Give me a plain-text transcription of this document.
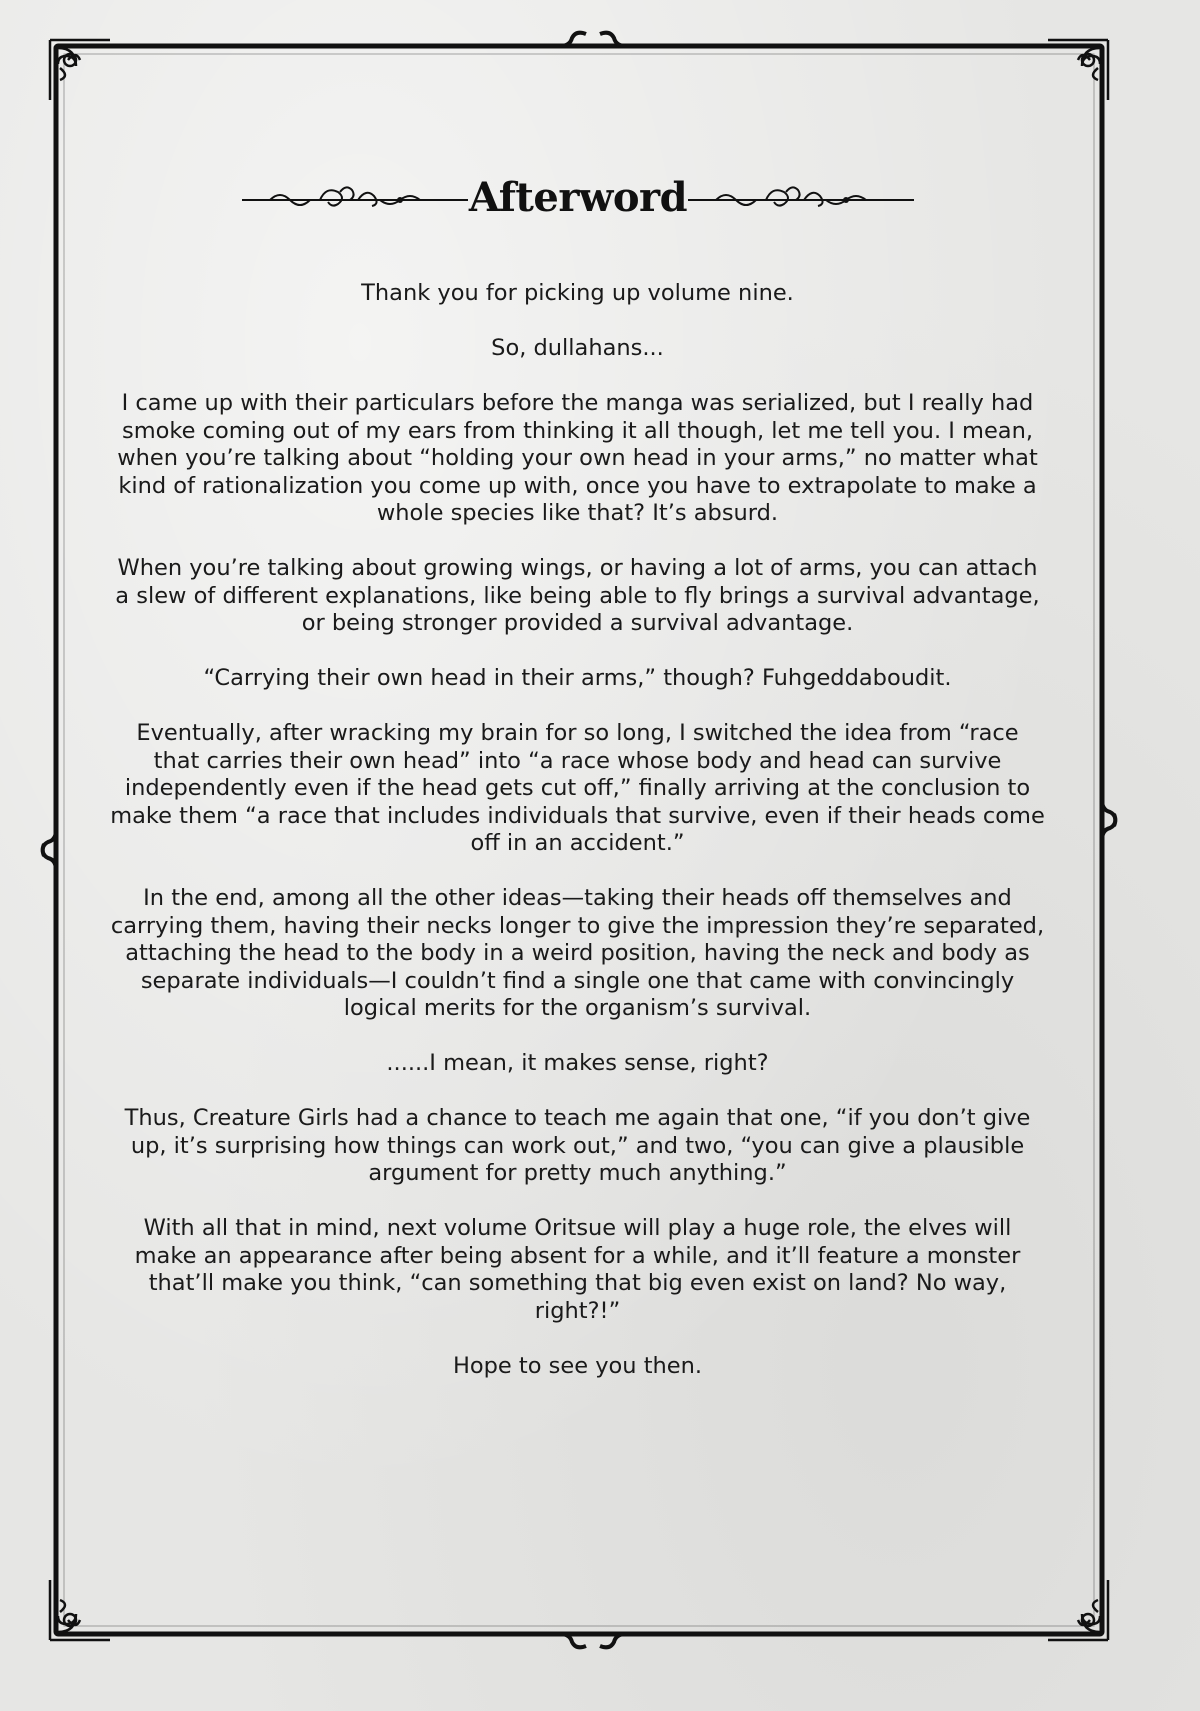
Afterword

Thank you for picking up volume nine.

So, dullahans...

I came up with their particulars before the manga was serialized, but I really had smoke coming out of my ears from thinking it all though, let me tell you. I mean, when you’re talking about “holding your own head in your arms,” no matter what kind of rationalization you come up with, once you have to extrapolate to make a whole species like that? It’s absurd.

When you’re talking about growing wings, or having a lot of arms, you can attach a slew of different explanations, like being able to fly brings a survival advantage, or being stronger provided a survival advantage.

“Carrying their own head in their arms,” though? Fuhgeddaboudit.

Eventually, after wracking my brain for so long, I switched the idea from “race that carries their own head” into “a race whose body and head can survive independently even if the head gets cut off,” finally arriving at the conclusion to make them “a race that includes individuals that survive, even if their heads come off in an accident.”

In the end, among all the other ideas—taking their heads off themselves and carrying them, having their necks longer to give the impression they’re separated, attaching the head to the body in a weird position, having the neck and body as separate individuals—I couldn’t find a single one that came with convincingly logical merits for the organism’s survival.

......I mean, it makes sense, right?

Thus, Creature Girls had a chance to teach me again that one, “if you don’t give up, it’s surprising how things can work out,” and two, “you can give a plausible argument for pretty much anything.”

With all that in mind, next volume Oritsue will play a huge role, the elves will make an appearance after being absent for a while, and it’ll feature a monster that’ll make you think, “can something that big even exist on land? No way, right?!”

Hope to see you then.
